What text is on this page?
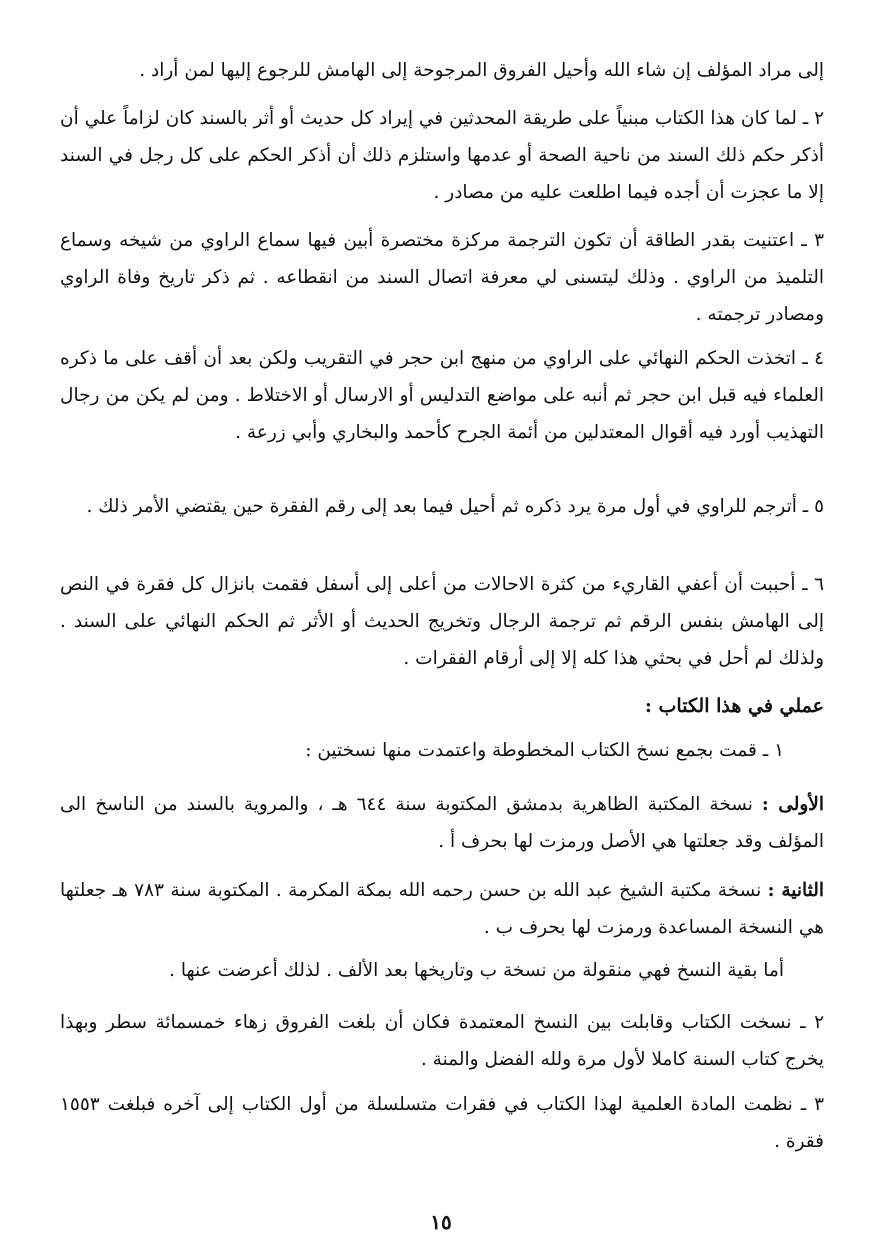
إلى مراد المؤلف إن شاء الله وأحيل الفروق المرجوحة إلى الهامش للرجوع إليها لمن أراد .
٢ ـ لما كان هذا الكتاب مبنياً على طريقة المحدثين في إيراد كل حديث أو أثر بالسند كان لزاماً علي أن أذكر حكم ذلك السند من ناحية الصحة أو عدمها واستلزم ذلك أن أذكر الحكم على كل رجل في السند إلا ما عجزت أن أجده فيما اطلعت عليه من مصادر .
٣ ـ اعتنيت بقدر الطاقة أن تكون الترجمة مركزة مختصرة أبين فيها سماع الراوي من شيخه وسماع التلميذ من الراوي . وذلك ليتسنى لي معرفة اتصال السند من انقطاعه . ثم ذكر تاريخ وفاة الراوي ومصادر ترجمته .
٤ ـ اتخذت الحكم النهائي على الراوي من منهج ابن حجر في التقريب ولكن بعد أن أقف على ما ذكره العلماء فيه قبل ابن حجر ثم أنبه على مواضع التدليس أو الارسال أو الاختلاط . ومن لم يكن من رجال التهذيب أورد فيه أقوال المعتدلين من أئمة الجرح كأحمد والبخاري وأبي زرعة .
٥ ـ أترجم للراوي في أول مرة يرد ذكره ثم أحيل فيما بعد إلى رقم الفقرة حين يقتضي الأمر ذلك .
٦ ـ أحببت أن أعفي القاريء من كثرة الاحالات من أعلى إلى أسفل فقمت بانزال كل فقرة في النص إلى الهامش بنفس الرقم ثم ترجمة الرجال وتخريج الحديث أو الأثر ثم الحكم النهائي على السند . ولذلك لم أحل في بحثي هذا كله إلا إلى أرقام الفقرات .
عملي في هذا الكتاب :
١ ـ قمت بجمع نسخ الكتاب المخطوطة واعتمدت منها نسختين :
الأولى : نسخة المكتبة الظاهرية بدمشق المكتوبة سنة ٦٤٤ هـ ، والمروية بالسند من الناسخ الى المؤلف وقد جعلتها هي الأصل ورمزت لها بحرف أ .
الثانية : نسخة مكتبة الشيخ عبد الله بن حسن رحمه الله بمكة المكرمة . المكتوبة سنة ٧٨٣ هـ جعلتها هي النسخة المساعدة ورمزت لها بحرف ب .
أما بقية النسخ فهي منقولة من نسخة ب وتاريخها بعد الألف . لذلك أعرضت عنها .
٢ ـ نسخت الكتاب وقابلت بين النسخ المعتمدة فكان أن بلغت الفروق زهاء خمسمائة سطر وبهذا يخرج كتاب السنة كاملا لأول مرة ولله الفضل والمنة .
٣ ـ نظمت المادة العلمية لهذا الكتاب في فقرات متسلسلة من أول الكتاب إلى آخره فبلغت ١٥٥٣ فقرة .
١٥
